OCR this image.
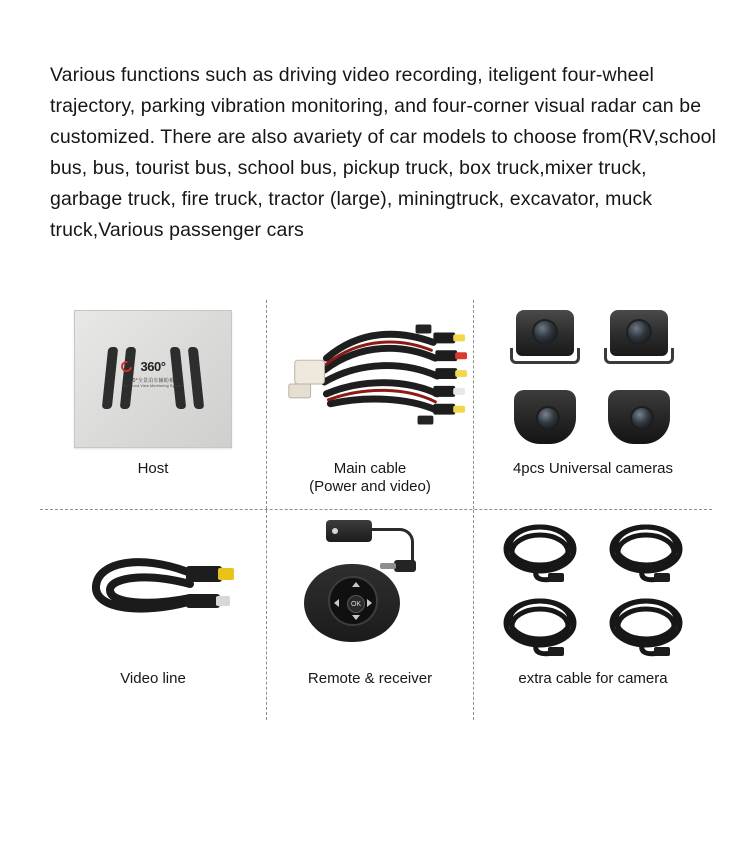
Various functions such as driving video recording, iteligent four-wheel trajectory, parking vibration monitoring, and four-corner visual radar can be customized. There are also avariety of car models to choose from(RV,school bus, bus, tourist bus, school bus, pickup truck, box truck,mixer truck, garbage truck, fire truck, tractor (large), miningtruck, excavator, muck truck,Various passenger cars

360°
360°全景泊车辅助系统
Surround View Monitoring System
Host	Main cable
(Power and video)
4pcs Universal cameras
Video line
OK
Remote & receiver	extra cable for camera
